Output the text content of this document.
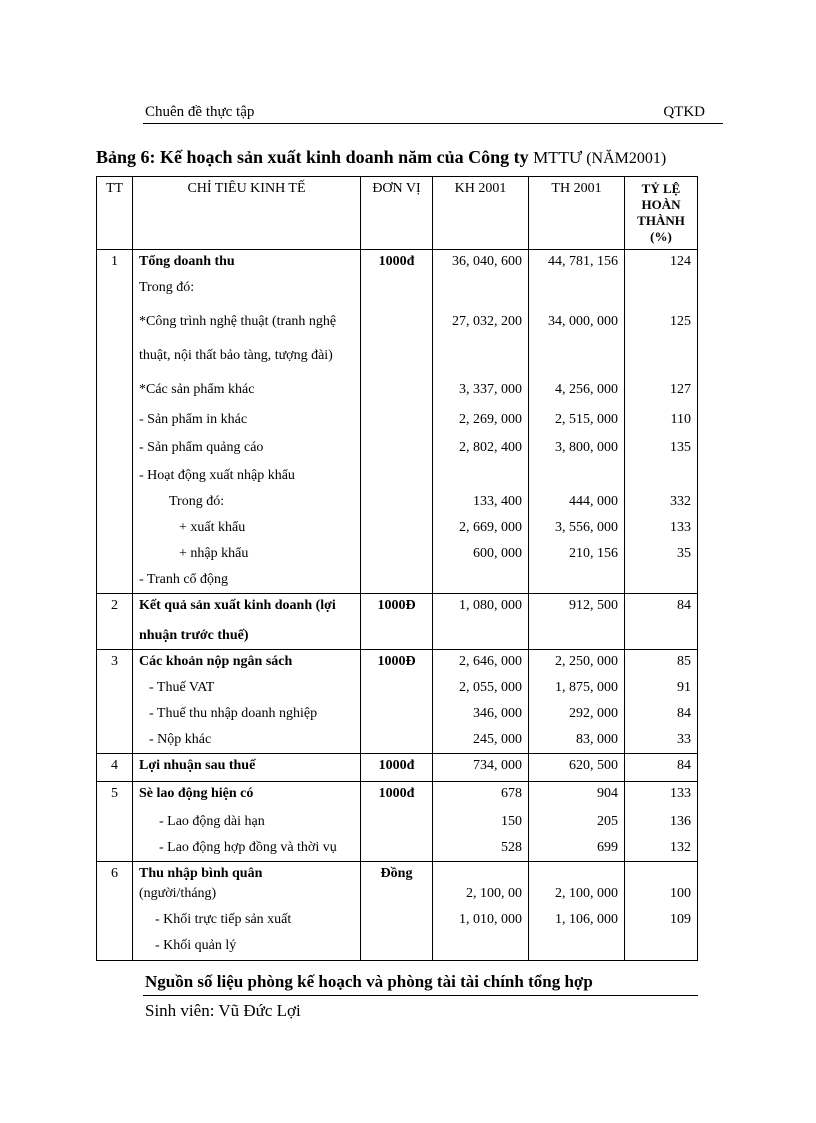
Chuên đề thực tập	QTKD
Bảng 6: Kế hoạch sản xuất kinh doanh năm của Công ty MTTƯ (NĂM2001)
TT	CHỈ TIÊU KINH TẾ	ĐƠN VỊ	KH 2001	TH 2001	TỶ LỆ HOÀN THÀNH (%)
1	Tổng doanh thu	1000đ	36, 040, 600	44, 781, 156	124
	Trong đó:				
	*Công trình nghệ thuật (tranh nghệ		27, 032, 200	34, 000, 000	125
	thuật, nội thất bảo tàng, tượng đài)				
	*Các sản phẩm khác		3, 337, 000	4, 256, 000	127
	- Sản phẩm in khác		2, 269, 000	2, 515, 000	110
	- Sản phẩm quảng cáo		2, 802, 400	3, 800, 000	135
	- Hoạt động xuất nhập khẩu				
	Trong đó:		133, 400	444, 000	332
	+ xuất khẩu		2, 669, 000	3, 556, 000	133
	+ nhập khẩu		600, 000	210, 156	35
	- Tranh cổ động				
2	Kết quả sản xuất kinh doanh (lợi	1000Đ	1, 080, 000	912, 500	84
	nhuận trước thuế)				
3	Các khoản nộp ngân sách	1000Đ	2, 646, 000	2, 250, 000	85
	- Thuế VAT		2, 055, 000	1, 875, 000	91
	- Thuế thu nhập doanh nghiệp		346, 000	292, 000	84
	- Nộp khác		245, 000	83, 000	33
4	Lợi nhuận sau thuế	1000đ	734, 000	620, 500	84
5	Sè lao động hiện có	1000đ	678	904	133
	- Lao động dài hạn		150	205	136
	- Lao động hợp đồng và thời vụ		528	699	132
6	Thu nhập bình quân	Đồng			
	(người/tháng)		2, 100, 00	2, 100, 000	100
	- Khối trực tiếp sản xuất		1, 010, 000	1, 106, 000	109
	- Khối quản lý				
Nguồn số liệu phòng kế hoạch và phòng tài tài chính tổng hợp
Sinh viên: Vũ Đức Lợi
